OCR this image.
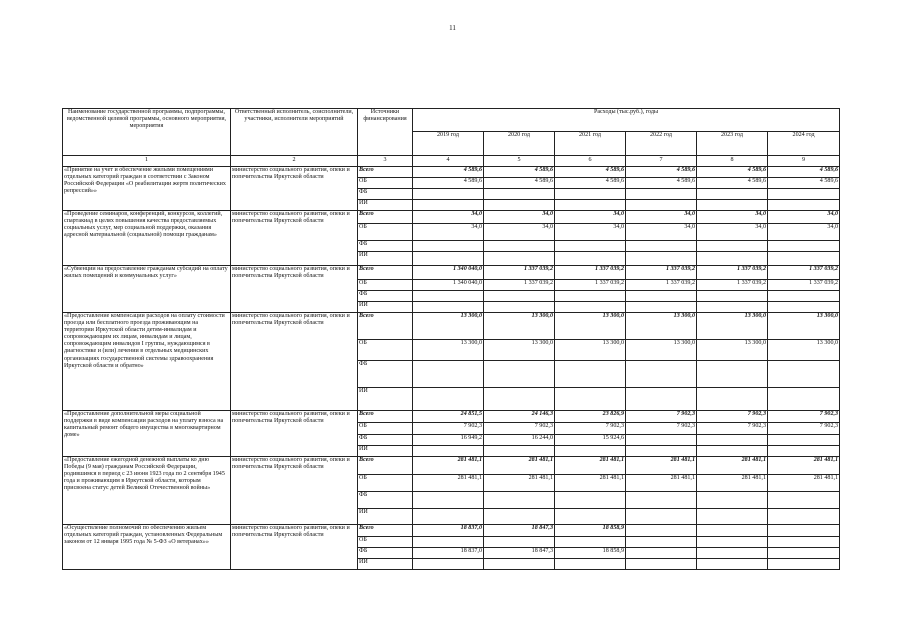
11
Наименование государственной программы, подпрограммы, ведомственной целевой программы, основного мероприятия, мероприятия	Ответственный исполнитель, соисполнители, участники, исполнители мероприятий	Источники финансирования	Расходы (тыс.руб.), годы					
			2019 год	2020 год	2021 год	2022 год	2023 год	2024 год
1	2	3	4	5	6	7	8	9
«Принятие на учет и обеспечение жилыми помещениями отдельных категорий граждан в соответствии с Законом Российской Федерации «О реабилитации жертв политических репрессий»»	министерство социального развития, опеки и попечительства Иркутской области	Всего	4 589,6	4 589,6	4 589,6	4 589,6	4 589,6	4 589,6
		ОБ	4 589,6	4 589,6	4 589,6	4 589,6	4 589,6	4 589,6
		ФБ						
		ИИ						
«Проведение семинаров, конференций, конкурсов, коллегий, спартакиад в целях повышения качества предоставляемых социальных услуг, мер социальной поддержки, оказания адресной материальной (социальной) помощи гражданам»	министерство социального развития, опеки и попечительства Иркутской области	Всего	34,0	34,0	34,0	34,0	34,0	34,0
		ОБ	34,0	34,0	34,0	34,0	34,0	34,0
		ФБ						
		ИИ						
«Субвенции на предоставление гражданам субсидий на оплату жилых помещений и коммунальных услуг»	министерство социального развития, опеки и попечительства Иркутской области	Всего	1 340 040,0	1 337 039,2	1 337 039,2	1 337 039,2	1 337 039,2	1 337 039,2
		ОБ	1 340 040,0	1 337 039,2	1 337 039,2	1 337 039,2	1 337 039,2	1 337 039,2
		ФБ						
		ИИ						
«Предоставление компенсации расходов на оплату стоимости проезда или бесплатного проезда проживающим на территории Иркутской области детям-инвалидам и сопровождающим их лицам, инвалидам и лицам, сопровождающим инвалидов I группы, нуждающимся в диагностике и (или) лечении в отдельных медицинских организациях государственной системы здравоохранения Иркутской области и обратно»	министерство социального развития, опеки и попечительства Иркутской области	Всего	13 300,0	13 300,0	13 300,0	13 300,0	13 300,0	13 300,0
		ОБ	13 300,0	13 300,0	13 300,0	13 300,0	13 300,0	13 300,0
		ФБ						
		ИИ						
«Предоставление дополнительной меры социальной поддержки в виде компенсации расходов на уплату взноса на капитальный ремонт общего имущества в многоквартирном доме»	министерство социального развития, опеки и попечительства Иркутской области	Всего	24 851,5	24 146,3	23 826,9	7 902,3	7 902,3	7 902,3
		ОБ	7 902,3	7 902,3	7 902,3	7 902,3	7 902,3	7 902,3
		ФБ	16 949,2	16 244,0	15 924,6			
		ИИ						
«Предоставление ежегодной денежной выплаты ко дню Победы (9 мая) гражданам Российской Федерации, родившимся в период с 23 июня 1923 года по 2 сентября 1945 года и проживающим в Иркутской области, которым присвоена статус детей Великой Отечественной войны»	министерство социального развития, опеки и попечительства Иркутской области	Всего	281 481,1	281 481,1	281 481,1	281 481,1	281 481,1	281 481,1
		ОБ	281 481,1	281 481,1	281 481,1	281 481,1	281 481,1	281 481,1
		ФБ						
		ИИ						
«Осуществление полномочий по обеспечению жильем отдельных категорий граждан, установленных Федеральным законом от 12 января 1995 года № 5-ФЗ «О ветеранах»»	министерство социального развития, опеки и попечительства Иркутской области	Всего	18 837,0	18 847,3	18 858,9			
		ОБ						
		ФБ	18 837,0	18 847,3	18 858,9			
		ИИ						
